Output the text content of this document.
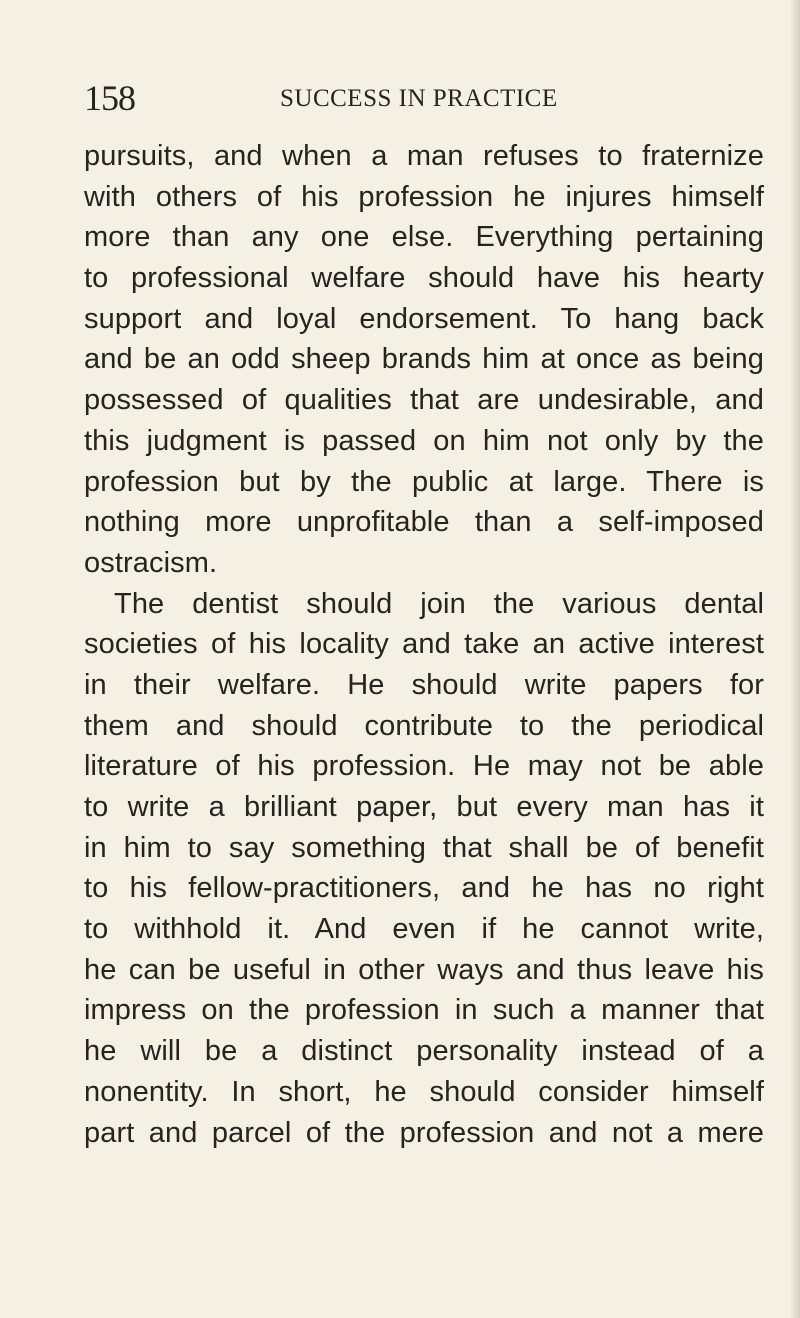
158	SUCCESS IN PRACTICE
pursuits, and when a man refuses to fraternize
with others of his profession he injures himself
more than any one else. Everything pertaining
to professional welfare should have his hearty
support and loyal endorsement. To hang back
and be an odd sheep brands him at once as being
possessed of qualities that are undesirable, and
this judgment is passed on him not only by the
profession but by the public at large. There is
nothing more unprofitable than a self-imposed
ostracism.
The dentist should join the various dental
societies of his locality and take an active interest
in their welfare. He should write papers for
them and should contribute to the periodical
literature of his profession. He may not be able
to write a brilliant paper, but every man has it
in him to say something that shall be of benefit
to his fellow-practitioners, and he has no right
to withhold it. And even if he cannot write,
he can be useful in other ways and thus leave his
impress on the profession in such a manner that
he will be a distinct personality instead of a
nonentity. In short, he should consider himself
part and parcel of the profession and not a mere
